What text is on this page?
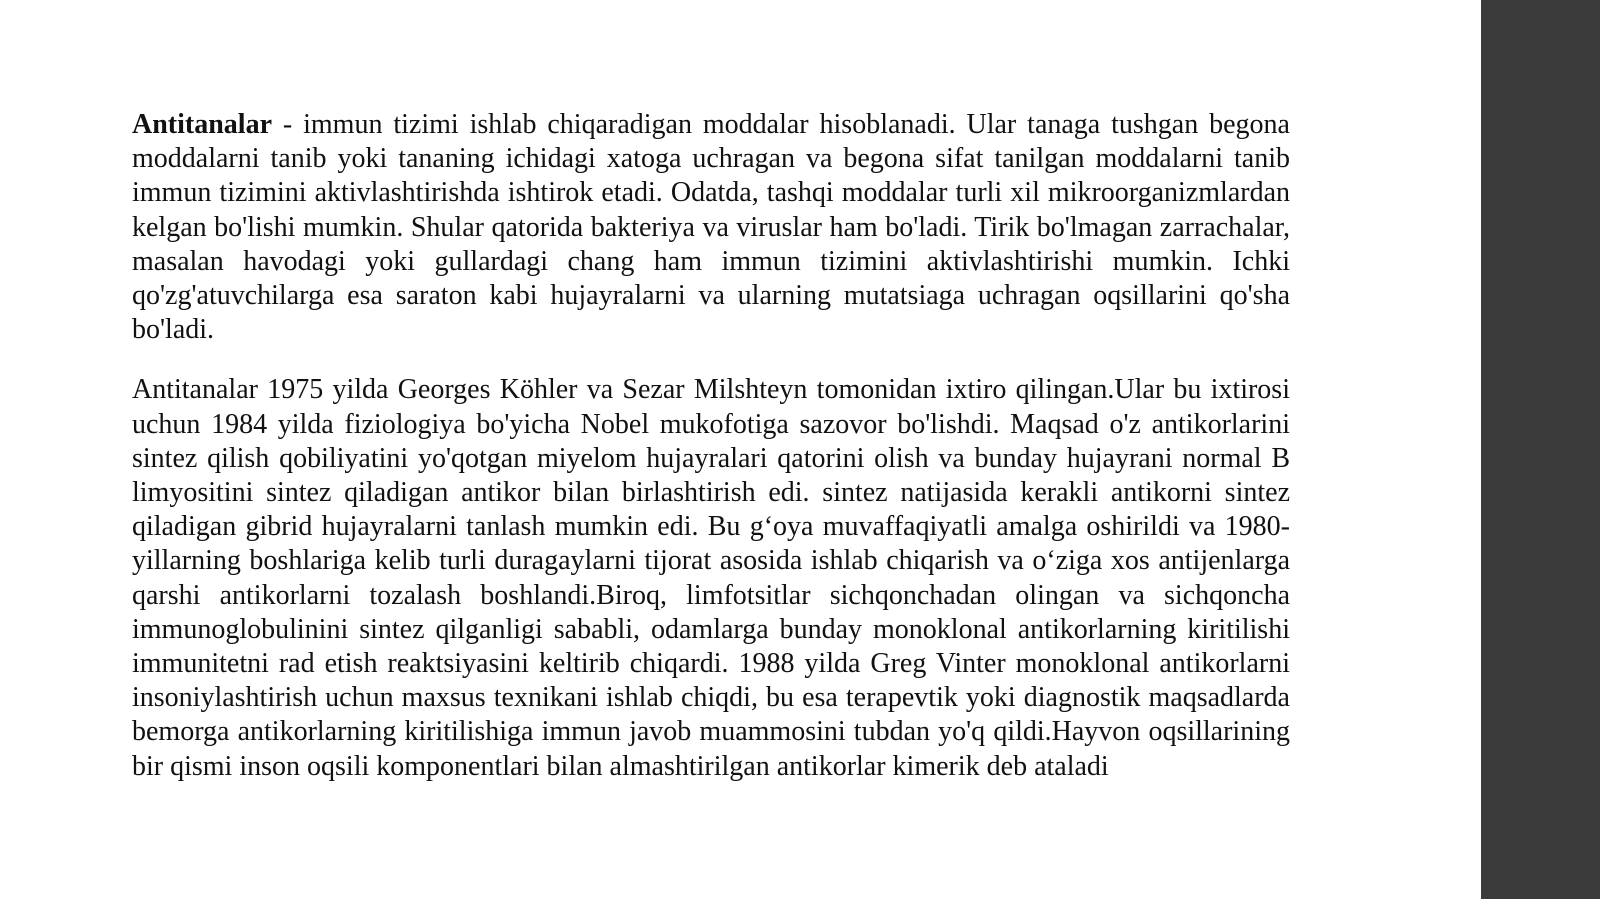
Antitanalar - immun tizimi ishlab chiqaradigan moddalar hisoblanadi. Ular tanaga tushgan begona moddalarni tanib yoki tananing ichidagi xatoga uchragan va begona sifat tanilgan moddalarni tanib immun tizimini aktivlashtirishda ishtirok etadi. Odatda, tashqi moddalar turli xil mikroorganizmlardan kelgan bo'lishi mumkin. Shular qatorida bakteriya va viruslar ham bo'ladi. Tirik bo'lmagan zarrachalar, masalan havodagi yoki gullardagi chang ham immun tizimini aktivlashtirishi mumkin. Ichki qo'zg'atuvchilarga esa saraton kabi hujayralarni va ularning mutatsiaga uchragan oqsillarini qo'sha bo'ladi.

Antitanalar 1975 yilda Georges Köhler va Sezar Milshteyn tomonidan ixtiro qilingan.Ular bu ixtirosi uchun 1984 yilda fiziologiya bo'yicha Nobel mukofotiga sazovor bo'lishdi. Maqsad o'z antikorlarini sintez qilish qobiliyatini yo'qotgan miyelom hujayralari qatorini olish va bunday hujayrani normal B limyositini sintez qiladigan antikor bilan birlashtirish edi. sintez natijasida kerakli antikorni sintez qiladigan gibrid hujayralarni tanlash mumkin edi. Bu g‘oya muvaffaqiyatli amalga oshirildi va 1980-yillarning boshlariga kelib turli duragaylarni tijorat asosida ishlab chiqarish va o‘ziga xos antijenlarga qarshi antikorlarni tozalash boshlandi.Biroq, limfotsitlar sichqonchadan olingan va sichqoncha immunoglobulinini sintez qilganligi sababli, odamlarga bunday monoklonal antikorlarning kiritilishi immunitetni rad etish reaktsiyasini keltirib chiqardi. 1988 yilda Greg Vinter monoklonal antikorlarni insoniylashtirish uchun maxsus texnikani ishlab chiqdi, bu esa terapevtik yoki diagnostik maqsadlarda bemorga antikorlarning kiritilishiga immun javob muammosini tubdan yo'q qildi.Hayvon oqsillarining bir qismi inson oqsili komponentlari bilan almashtirilgan antikorlar kimerik deb ataladi
